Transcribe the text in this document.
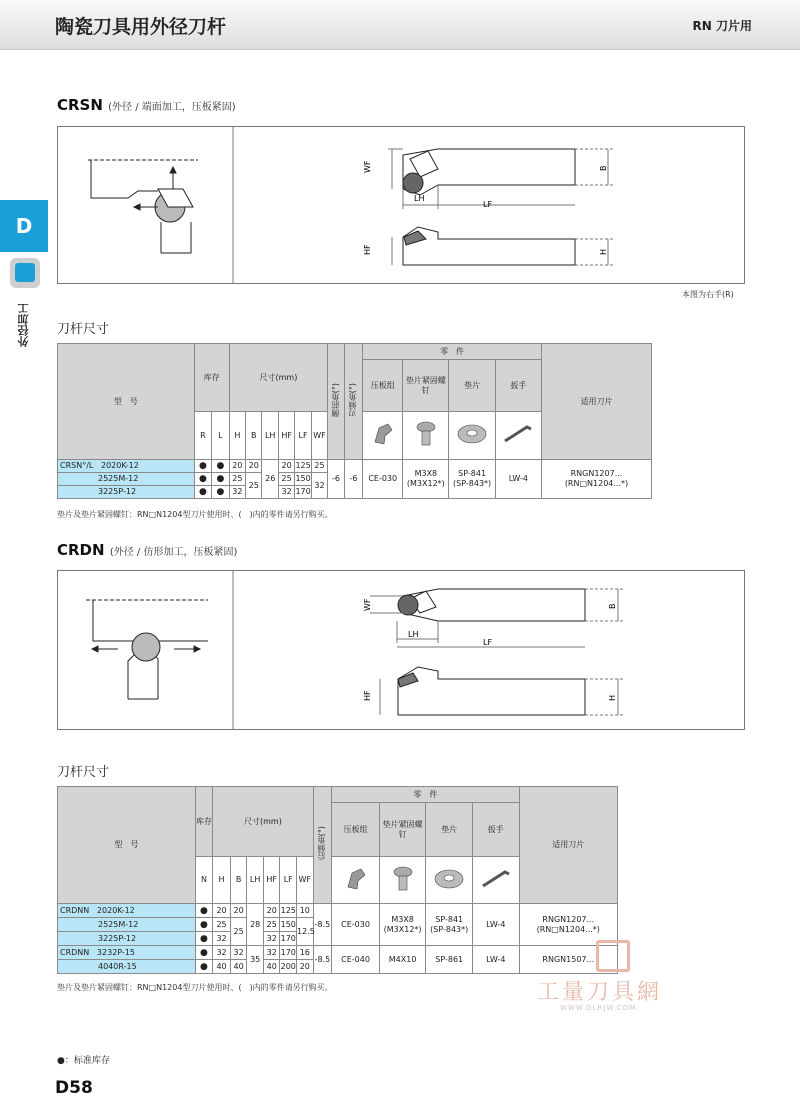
陶瓷刀具用外径刀杆	RN 刀片用
D
外径加工
CRSN (外径 / 端面加工，压板紧固)
WF
LH
LF
B
HF	H
本图为右手(R)
刀杆尺寸
型　号	库存		尺寸(mm)						侧前角(°)	刃倾角(°)	零　件				适用刀片
											压板组	垫片紧固螺钉	垫片	扳手	
	R	L	H	B	LH	HF	LF	WF				
CRSN°/L 2020K-12	●	●	20	20	26	20	125	25	-6	-6	CE-030	M3X8
(M3X12*)	SP-841
(SP-843*)	LW-4	RNGN1207...
(RN□N1204...*)
2525M-12	●	●	25	25		25	150	32							
3225P-12	●	●	32			32	170								
垫片及垫片紧固螺钉：RN□N1204型刀片使用时、(　)内的零件请另行购买。
CRDN (外径 / 仿形加工，压板紧固)
WF
LH
LF
B
HF	H
刀杆尺寸
型　号	库存	尺寸(mm)						后倾角(°)	零　件				适用刀片
									压板组	垫片紧固螺钉	垫片	扳手	
	N	H	B	LH	HF	LF	WF				
CRDNN 2020K-12	●	20	20	28	20	125	10	-8.5	CE-030	M3X8
(M3X12*)	SP-841
(SP-843*)	LW-4	RNGN1207...
(RN□N1204...*)
2525M-12	●	25	25		25	150	12.5						
3225P-12	●	32			32	170							
CRDNN 3232P-15	●	32	32	35	32	170	16	-8.5	CE-040	M4X10	SP-861	LW-4	RNGN1507...
4040R-15	●	40	40		40	200	20						
垫片及垫片紧固螺钉：RN□N1204型刀片使用时、(　)内的零件请另行购买。	工量刀具網
WWW.GLRJW.COM
●：标准库存
D58
